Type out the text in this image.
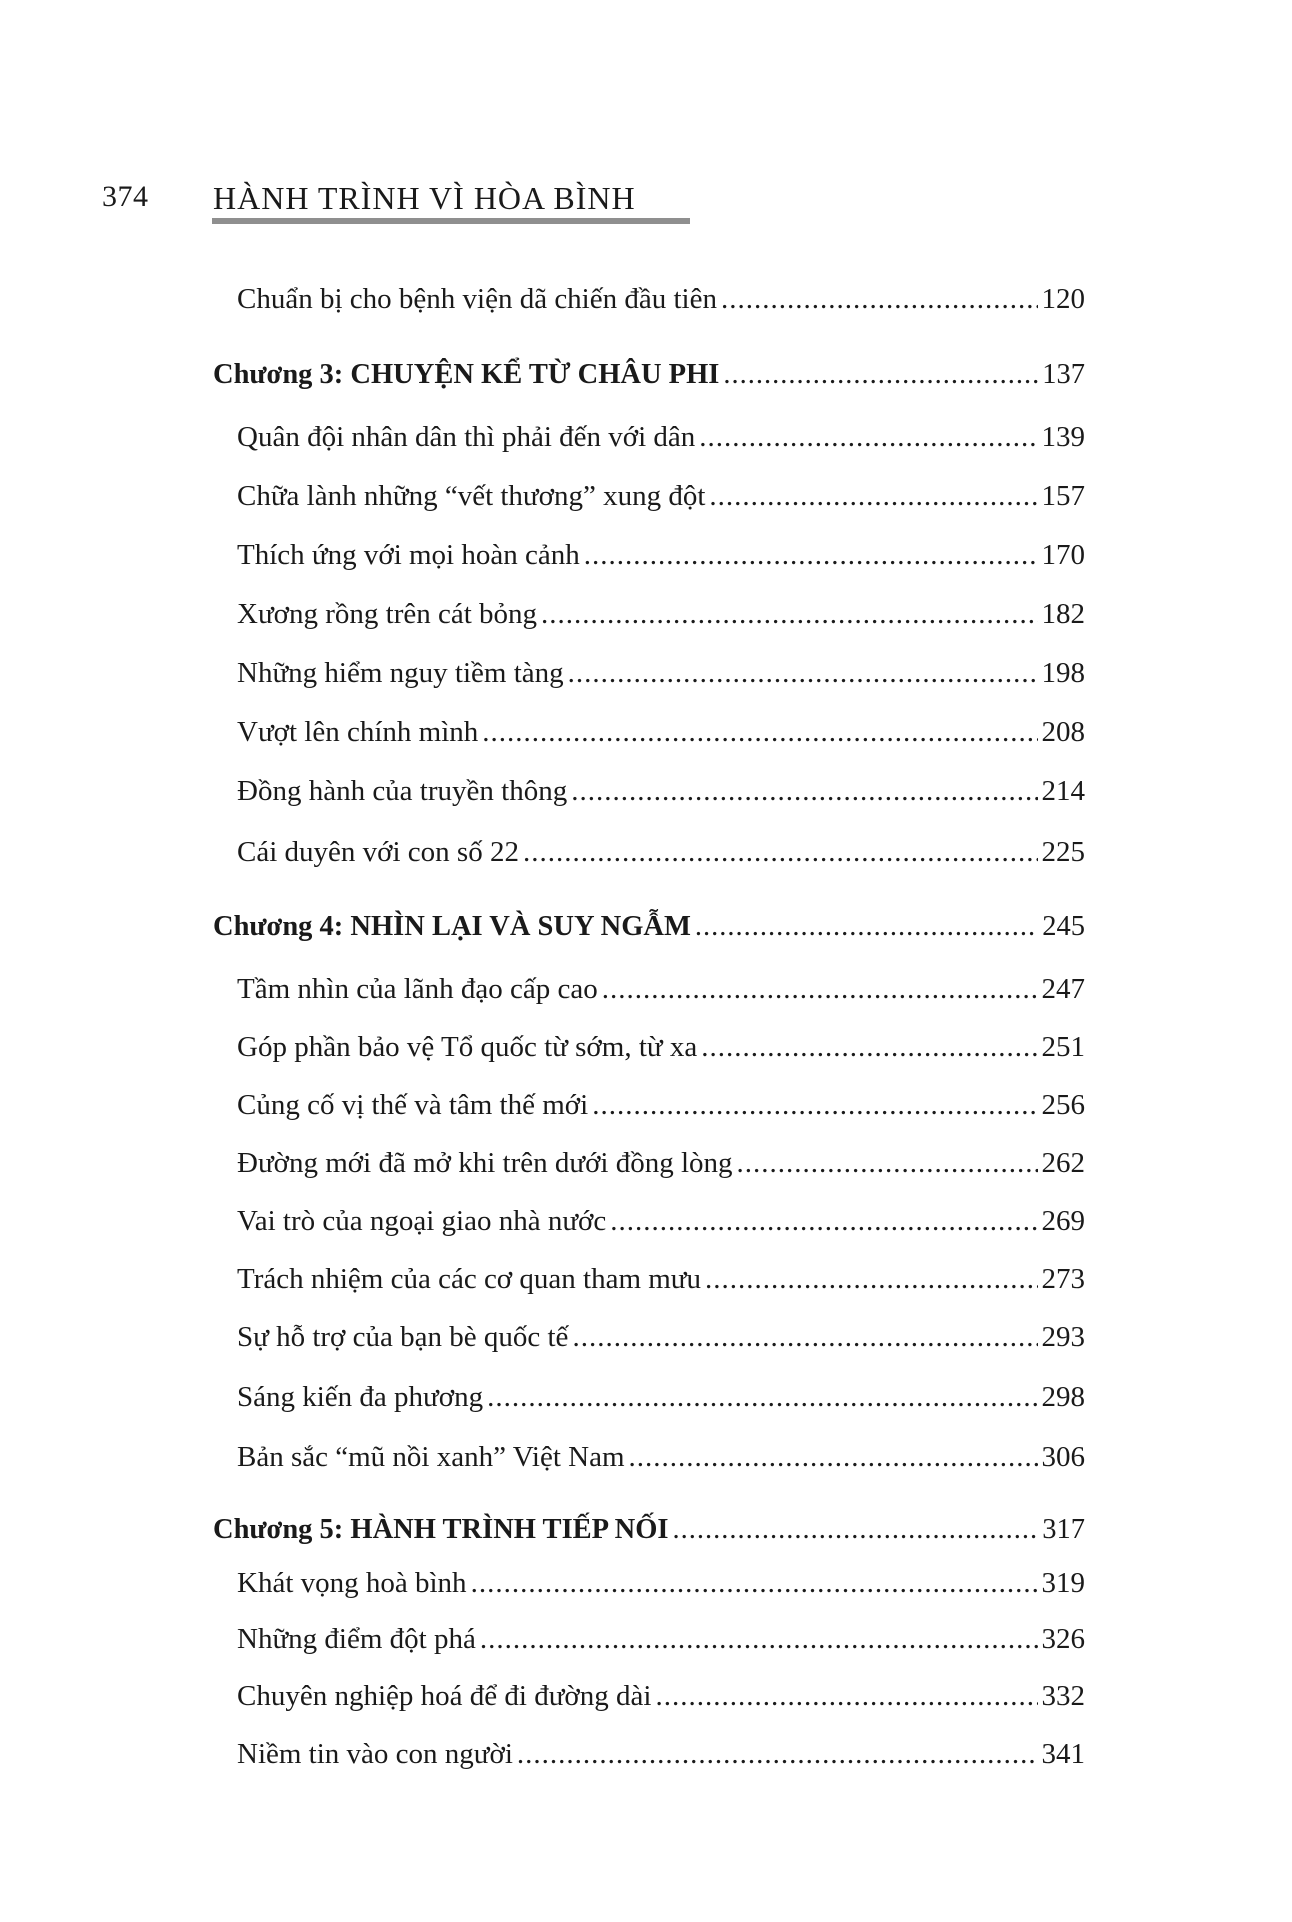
374 HÀNH TRÌNH VÌ HÒA BÌNH
Chuẩn bị cho bệnh viện dã chiến đầu tiên .....	120
Chương 3: CHUYỆN KỂ TỪ CHÂU PHI .....	137
Quân đội nhân dân thì phải đến với dân .....	139
Chữa lành những “vết thương” xung đột .....	157
Thích ứng với mọi hoàn cảnh .....	170
Xương rồng trên cát bỏng .....	182
Những hiểm nguy tiềm tàng .....	198
Vượt lên chính mình .....	208
Đồng hành của truyền thông .....	214
Cái duyên với con số 22 .....	225
Chương 4: NHÌN LẠI VÀ SUY NGẪM .....	245
Tầm nhìn của lãnh đạo cấp cao .....	247
Góp phần bảo vệ Tổ quốc từ sớm, từ xa .....	251
Củng cố vị thế và tâm thế mới .....	256
Đường mới đã mở khi trên dưới đồng lòng .....	262
Vai trò của ngoại giao nhà nước .....	269
Trách nhiệm của các cơ quan tham mưu .....	273
Sự hỗ trợ của bạn bè quốc tế .....	293
Sáng kiến đa phương .....	298
Bản sắc “mũ nồi xanh” Việt Nam .....	306
Chương 5: HÀNH TRÌNH TIẾP NỐI .....	317
Khát vọng hoà bình .....	319
Những điểm đột phá .....	326
Chuyên nghiệp hoá để đi đường dài .....	332
Niềm tin vào con người .....	341
